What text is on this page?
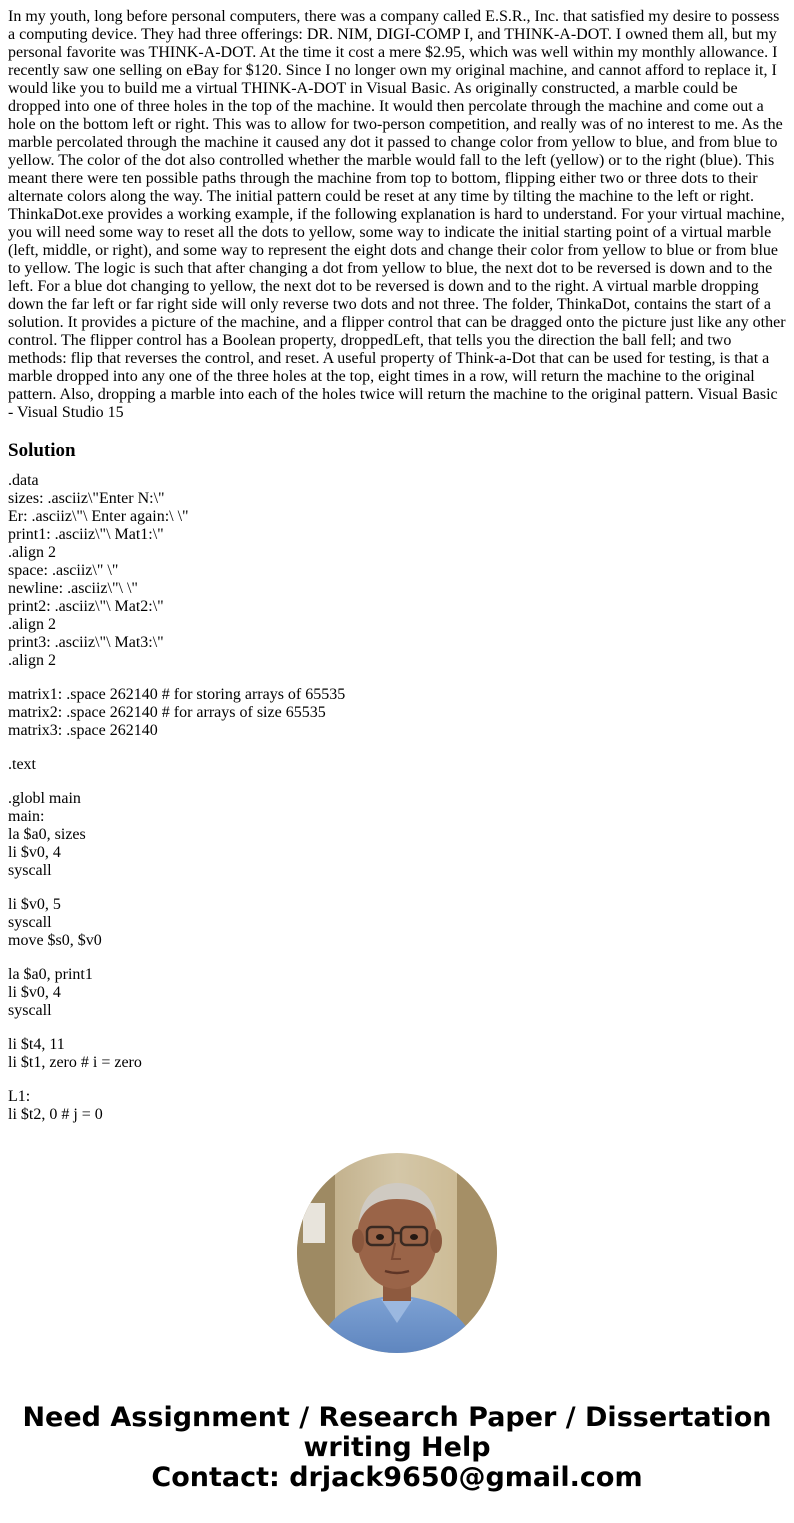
In my youth, long before personal computers, there was a company called E.S.R., Inc. that satisfied my desire to possess a computing device. They had three offerings: DR. NIM, DIGI-COMP I, and THINK-A-DOT. I owned them all, but my personal favorite was THINK-A-DOT. At the time it cost a mere $2.95, which was well within my monthly allowance. I recently saw one selling on eBay for $120. Since I no longer own my original machine, and cannot afford to replace it, I would like you to build me a virtual THINK-A-DOT in Visual Basic. As originally constructed, a marble could be dropped into one of three holes in the top of the machine. It would then percolate through the machine and come out a hole on the bottom left or right. This was to allow for two-person competition, and really was of no interest to me. As the marble percolated through the machine it caused any dot it passed to change color from yellow to blue, and from blue to yellow. The color of the dot also controlled whether the marble would fall to the left (yellow) or to the right (blue). This meant there were ten possible paths through the machine from top to bottom, flipping either two or three dots to their alternate colors along the way. The initial pattern could be reset at any time by tilting the machine to the left or right. ThinkaDot.exe provides a working example, if the following explanation is hard to understand. For your virtual machine, you will need some way to reset all the dots to yellow, some way to indicate the initial starting point of a virtual marble (left, middle, or right), and some way to represent the eight dots and change their color from yellow to blue or from blue to yellow. The logic is such that after changing a dot from yellow to blue, the next dot to be reversed is down and to the left. For a blue dot changing to yellow, the next dot to be reversed is down and to the right. A virtual marble dropping down the far left or far right side will only reverse two dots and not three. The folder, ThinkaDot, contains the start of a solution. It provides a picture of the machine, and a flipper control that can be dragged onto the picture just like any other control. The flipper control has a Boolean property, droppedLeft, that tells you the direction the ball fell; and two methods: flip that reverses the control, and reset. A useful property of Think-a-Dot that can be used for testing, is that a marble dropped into any one of the three holes at the top, eight times in a row, will return the machine to the original pattern. Also, dropping a marble into each of the holes twice will return the machine to the original pattern. Visual Basic - Visual Studio 15

Solution
.data
sizes: .asciiz\"Enter N:\"
Er: .asciiz\"\ Enter again:\ \"
print1: .asciiz\"\ Mat1:\"
.align 2
space: .asciiz\" \"
newline: .asciiz\"\ \"
print2: .asciiz\"\ Mat2:\"
.align 2
print3: .asciiz\"\ Mat3:\"
.align 2
matrix1: .space 262140 # for storing arrays of 65535
matrix2: .space 262140 # for arrays of size 65535
matrix3: .space 262140
.text
.globl main
main:
la $a0, sizes
li $v0, 4
syscall
li $v0, 5
syscall
move $s0, $v0
la $a0, print1
li $v0, 4
syscall
li $t4, 11
li $t1, zero # i = zero
L1:
li $t2, 0 # j = 0
Need Assignment / Research Paper / Dissertation
writing Help
Contact: drjack9650@gmail.com
